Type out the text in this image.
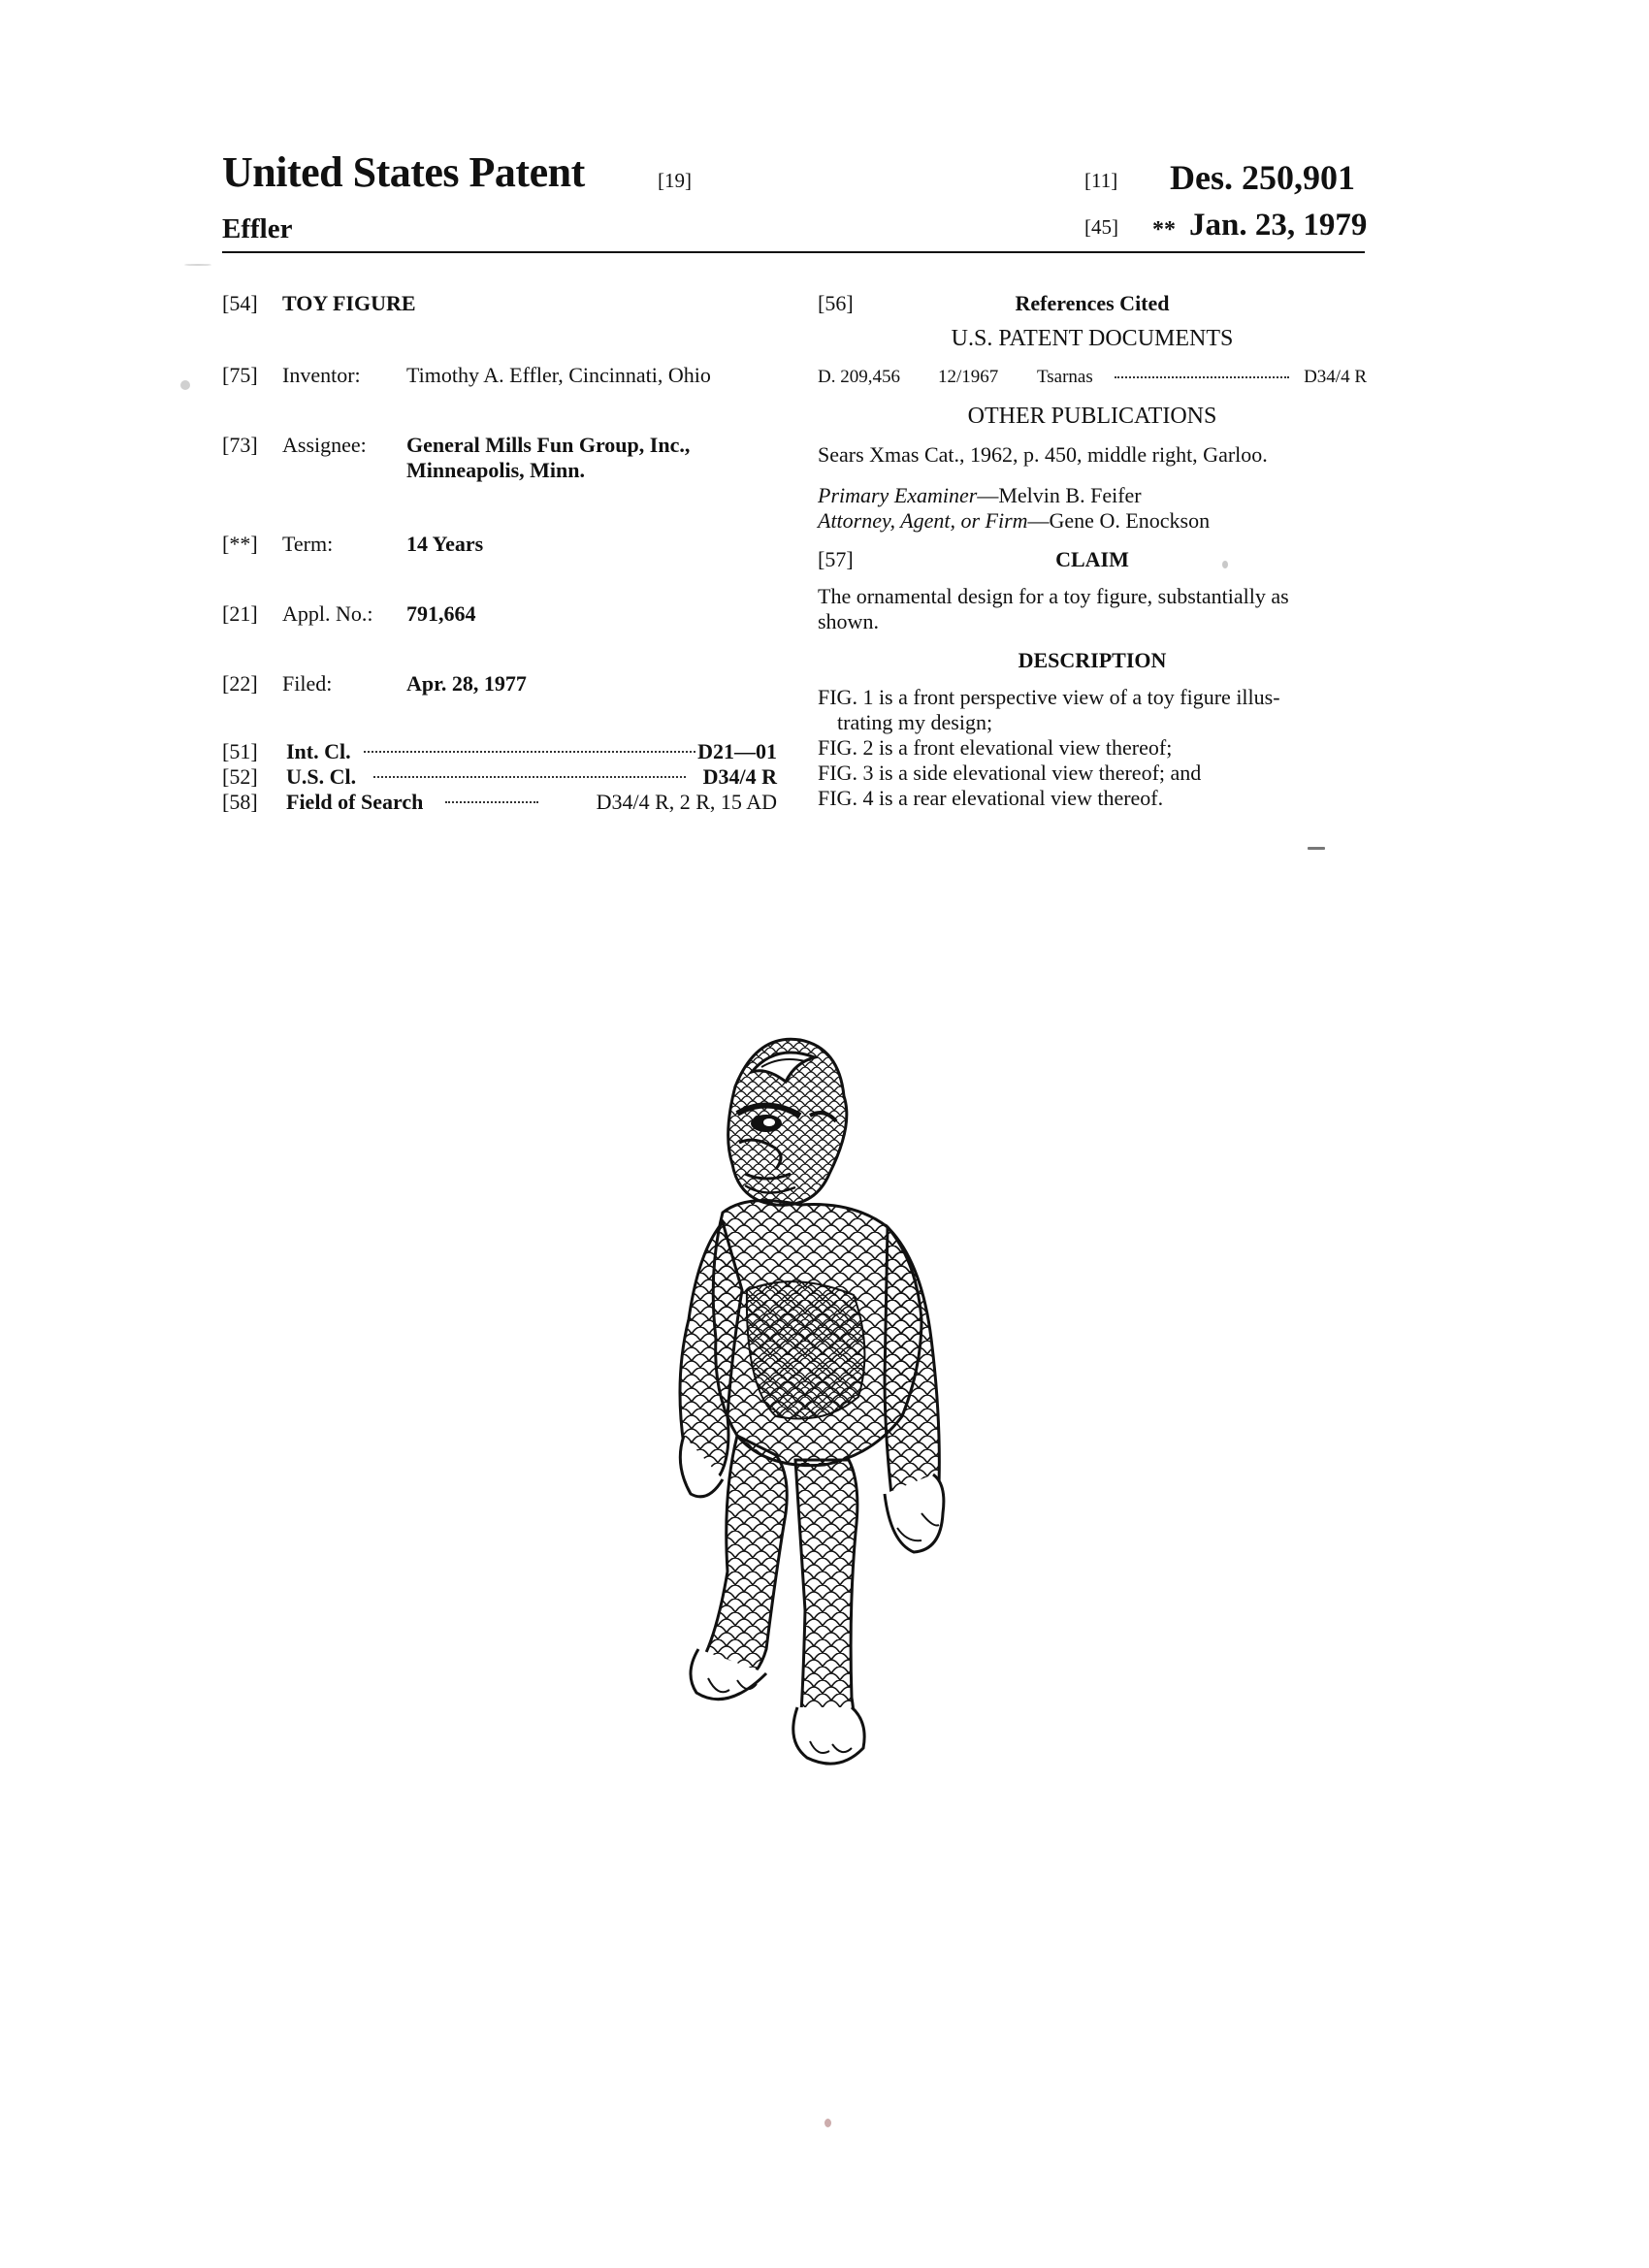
United States Patent	[19]
Effler
[11] Des. 250,901
[45] ** Jan. 23, 1979
[54] TOY FIGURE
[75] Inventor: Timothy A. Effler, Cincinnati, Ohio
[73] Assignee: General Mills Fun Group, Inc.,
Minneapolis, Minn.
[**] Term:	14 Years
[21] Appl. No.: 791,664
[22] Filed:	Apr. 28, 1977
[51] Int. Cl.	D21—01
[52] U.S. Cl.	D34/4 R
[58] Field of Search	D34/4 R, 2 R, 15 AD
[56]	References Cited
U.S. PATENT DOCUMENTS
D. 209,456 12/1967 Tsarnas	D34/4 R
OTHER PUBLICATIONS
Sears Xmas Cat., 1962, p. 450, middle right, Garloo.
Primary Examiner—Melvin B. Feifer
Attorney, Agent, or Firm—Gene O. Enockson
[57]	CLAIM
The ornamental design for a toy figure, substantially as
shown.
DESCRIPTION
FIG. 1 is a front perspective view of a toy figure illus-
trating my design;
FIG. 2 is a front elevational view thereof;
FIG. 3 is a side elevational view thereof; and
FIG. 4 is a rear elevational view thereof.
